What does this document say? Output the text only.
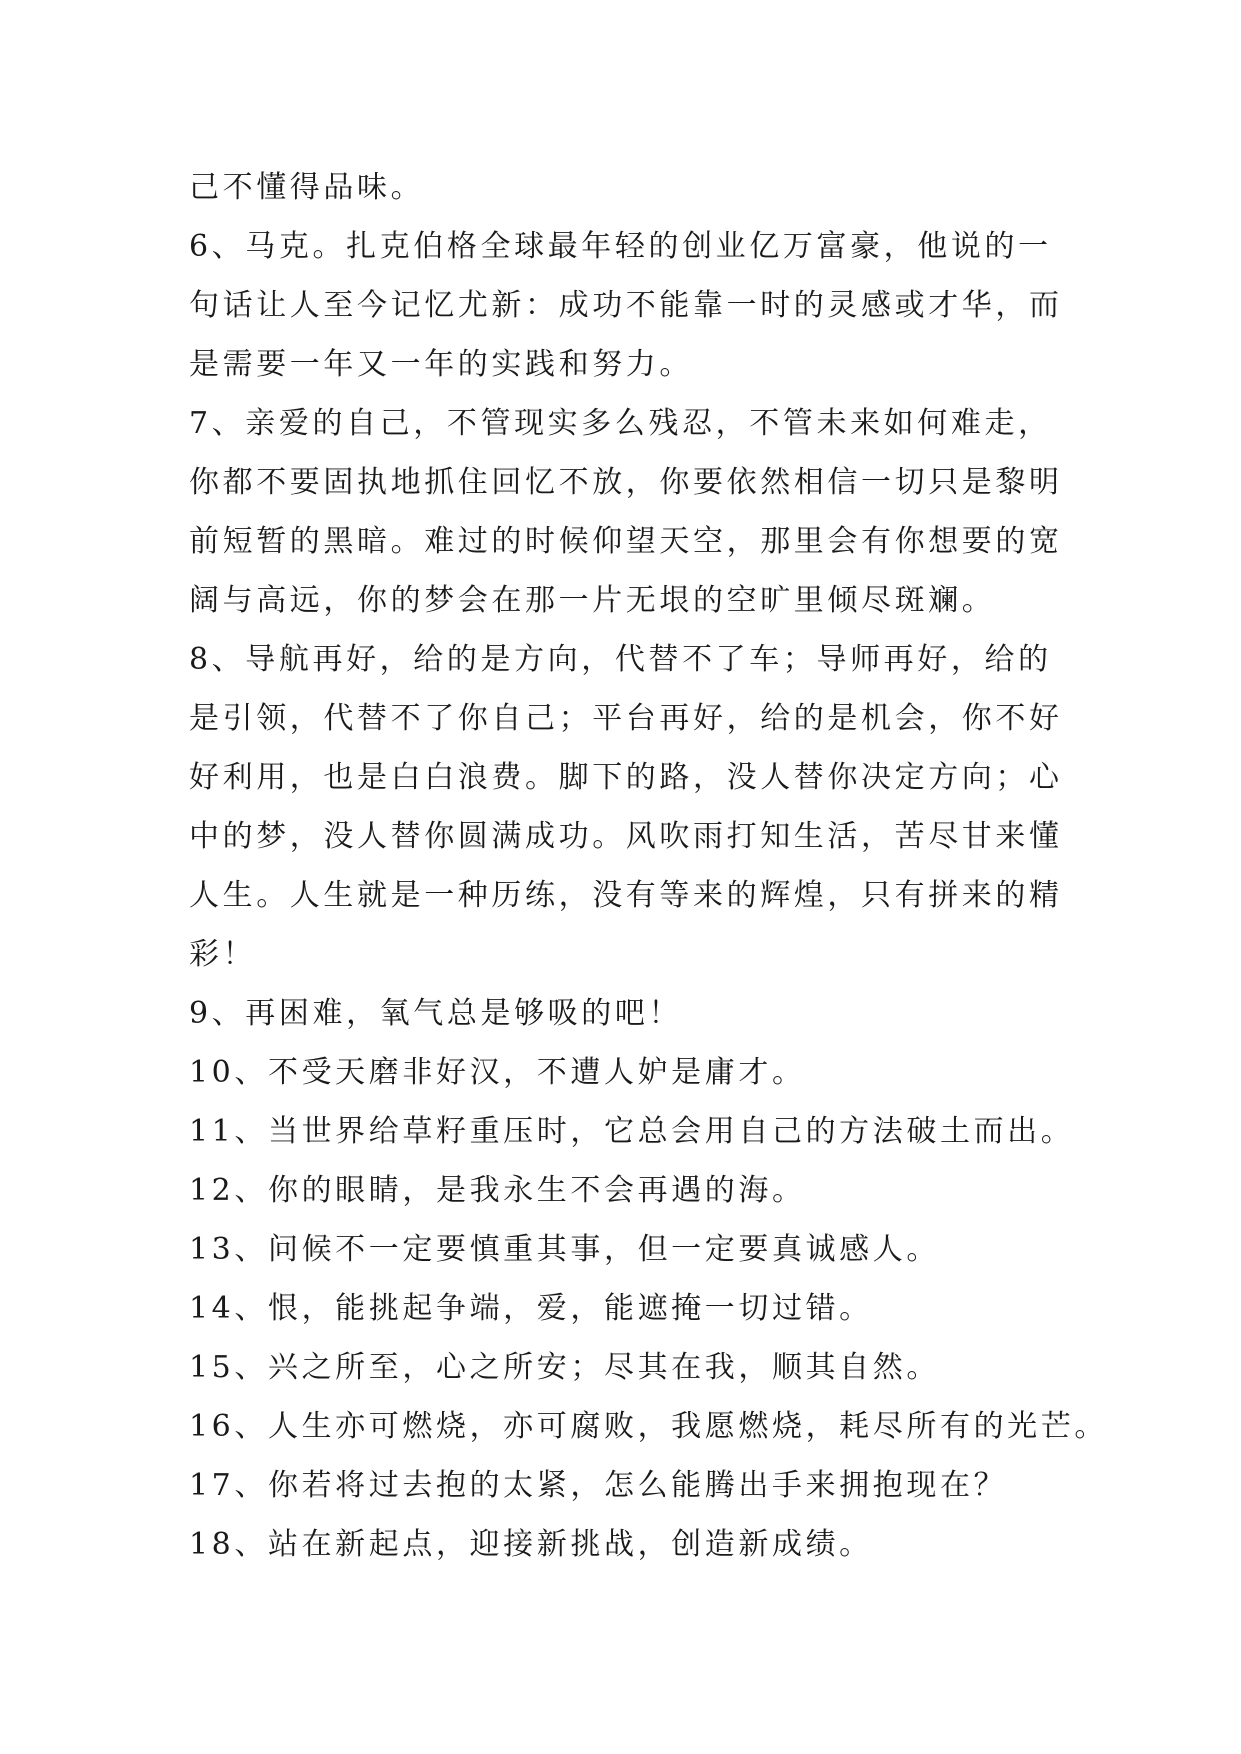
己不懂得品味。
6、马克。扎克伯格全球最年轻的创业亿万富豪，他说的一
句话让人至今记忆尤新：成功不能靠一时的灵感或才华，而
是需要一年又一年的实践和努力。
7、亲爱的自己，不管现实多么残忍，不管未来如何难走，
你都不要固执地抓住回忆不放，你要依然相信一切只是黎明
前短暂的黑暗。难过的时候仰望天空，那里会有你想要的宽
阔与高远，你的梦会在那一片无垠的空旷里倾尽斑斓。
8、导航再好，给的是方向，代替不了车；导师再好，给的
是引领，代替不了你自己；平台再好，给的是机会，你不好
好利用，也是白白浪费。脚下的路，没人替你决定方向；心
中的梦，没人替你圆满成功。风吹雨打知生活，苦尽甘来懂
人生。人生就是一种历练，没有等来的辉煌，只有拼来的精
彩！
9、再困难，氧气总是够吸的吧！
10、不受天磨非好汉，不遭人妒是庸才。
11、当世界给草籽重压时，它总会用自己的方法破土而出。
12、你的眼睛，是我永生不会再遇的海。
13、问候不一定要慎重其事，但一定要真诚感人。
14、恨，能挑起争端，爱，能遮掩一切过错。
15、兴之所至，心之所安；尽其在我，顺其自然。
16、人生亦可燃烧，亦可腐败，我愿燃烧，耗尽所有的光芒。
17、你若将过去抱的太紧，怎么能腾出手来拥抱现在？
18、站在新起点，迎接新挑战，创造新成绩。
